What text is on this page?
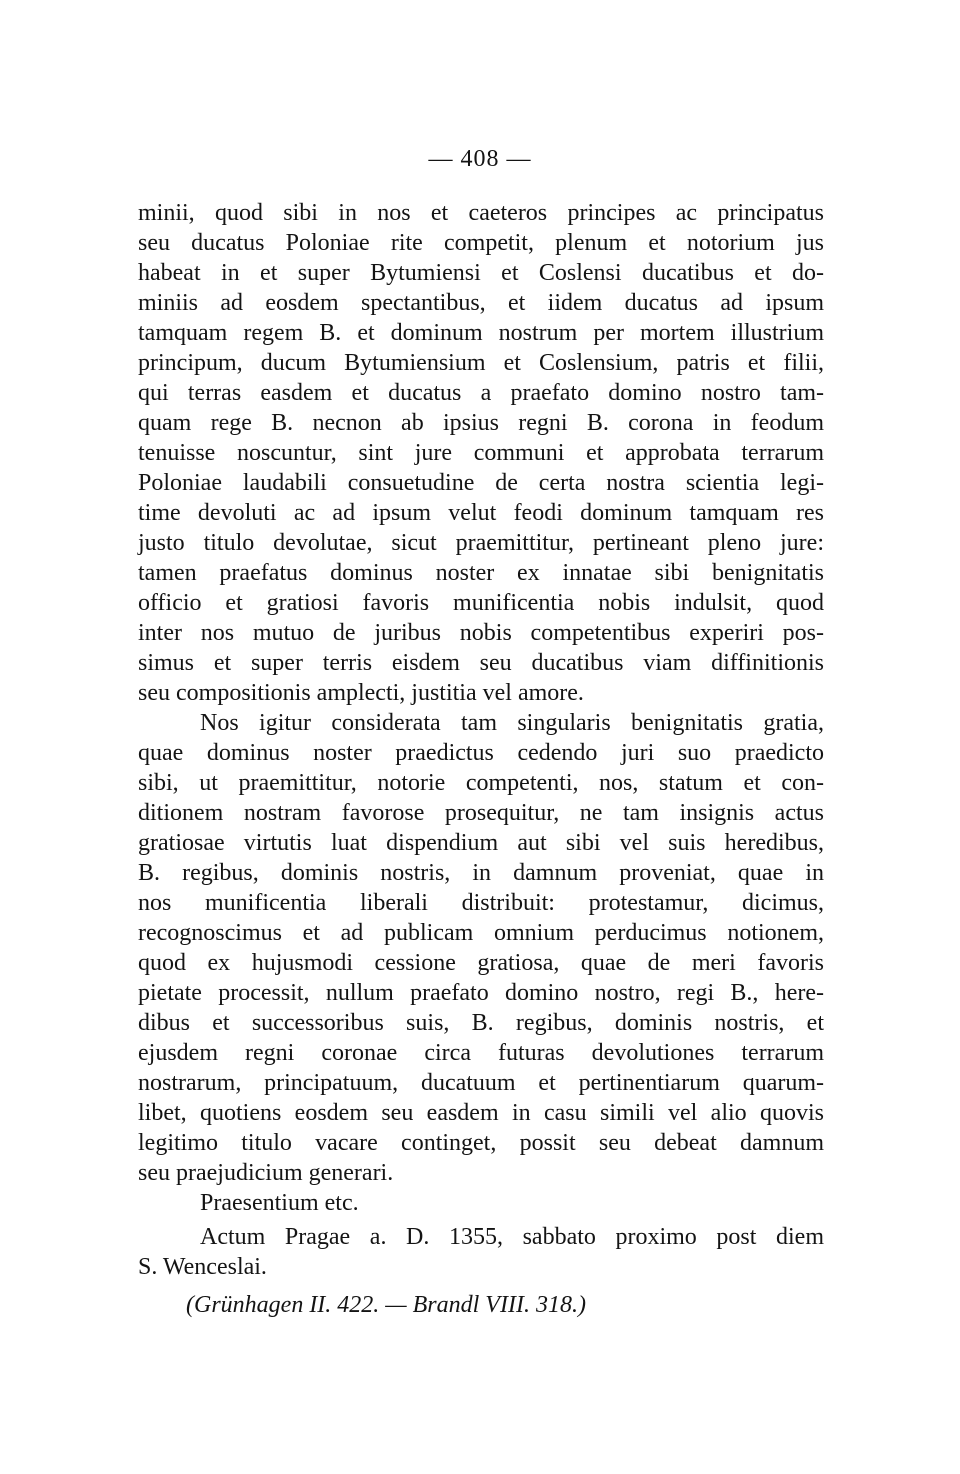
— 408 —
minii, quod sibi in nos et caeteros principes ac principatus
seu ducatus Poloniae rite competit, plenum et notorium jus
habeat in et super Bytumiensi et Coslensi ducatibus et do-
miniis ad eosdem spectantibus, et iidem ducatus ad ipsum
tamquam regem B. et dominum nostrum per mortem illustrium
principum, ducum Bytumiensium et Coslensium, patris et filii,
qui terras easdem et ducatus a praefato domino nostro tam-
quam rege B. necnon ab ipsius regni B. corona in feodum
tenuisse noscuntur, sint jure communi et approbata terrarum
Poloniae laudabili consuetudine de certa nostra scientia legi-
time devoluti ac ad ipsum velut feodi dominum tamquam res
justo titulo devolutae, sicut praemittitur, pertineant pleno jure:
tamen praefatus dominus noster ex innatae sibi benignitatis
officio et gratiosi favoris munificentia nobis indulsit, quod
inter nos mutuo de juribus nobis competentibus experiri pos-
simus et super terris eisdem seu ducatibus viam diffinitionis
seu compositionis amplecti, justitia vel amore.
Nos igitur considerata tam singularis benignitatis gratia,
quae dominus noster praedictus cedendo juri suo praedicto
sibi, ut praemittitur, notorie competenti, nos, statum et con-
ditionem nostram favorose prosequitur, ne tam insignis actus
gratiosae virtutis luat dispendium aut sibi vel suis heredibus,
B. regibus, dominis nostris, in damnum proveniat, quae in
nos munificentia liberali distribuit: protestamur, dicimus,
recognoscimus et ad publicam omnium perducimus notionem,
quod ex hujusmodi cessione gratiosa, quae de meri favoris
pietate processit, nullum praefato domino nostro, regi B., here-
dibus et successoribus suis, B. regibus, dominis nostris, et
ejusdem regni coronae circa futuras devolutiones terrarum
nostrarum, principatuum, ducatuum et pertinentiarum quarum-
libet, quotiens eosdem seu easdem in casu simili vel alio quovis
legitimo titulo vacare continget, possit seu debeat damnum
seu praejudicium generari.
Praesentium etc.
Actum Pragae a. D. 1355, sabbato proximo post diem
S. Wenceslai.
(Grünhagen II. 422. — Brandl VIII. 318.)
